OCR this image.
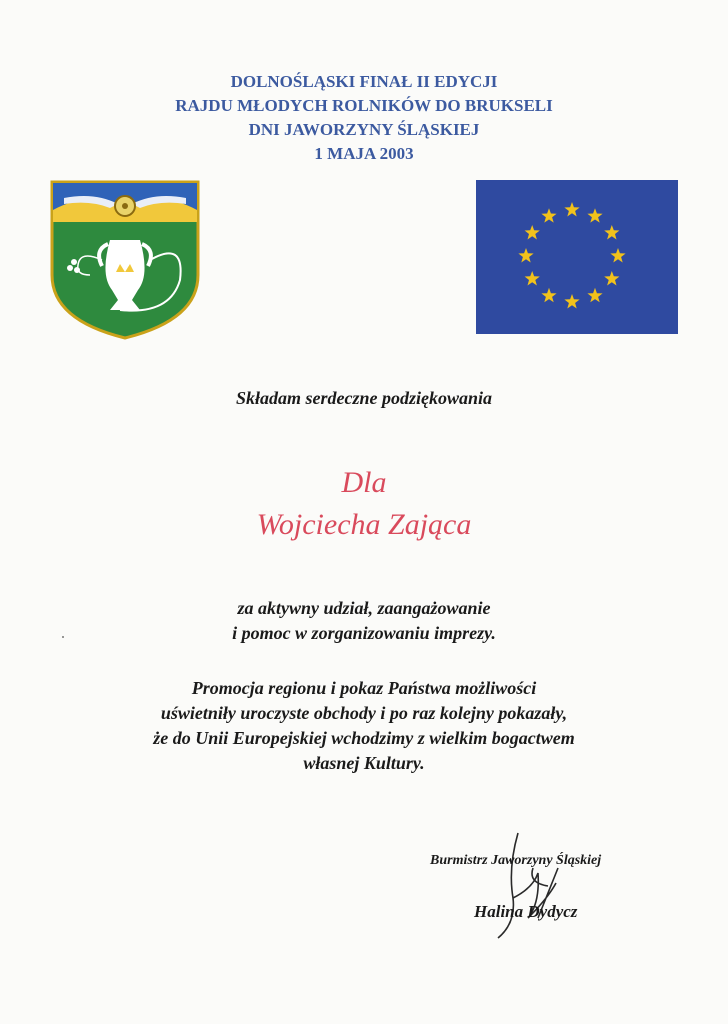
DOLNOŚLĄSKI FINAŁ II EDYCJI
RAJDU MŁODYCH ROLNIKÓW DO BRUKSELI
DNI JAWORZYNY ŚLĄSKIEJ
1 MAJA 2003
Składam serdeczne podziękowania
Dla
Wojciecha Zająca
za aktywny udział, zaangażowanie
i pomoc w zorganizowaniu imprezy.
Promocja regionu i pokaz Państwa możliwości
uświetniły uroczyste obchody i po raz kolejny pokazały,
że do Unii Europejskiej wchodzimy z wielkim bogactwem
własnej Kultury.
Burmistrz Jaworzyny Śląskiej
Halina Dydycz
